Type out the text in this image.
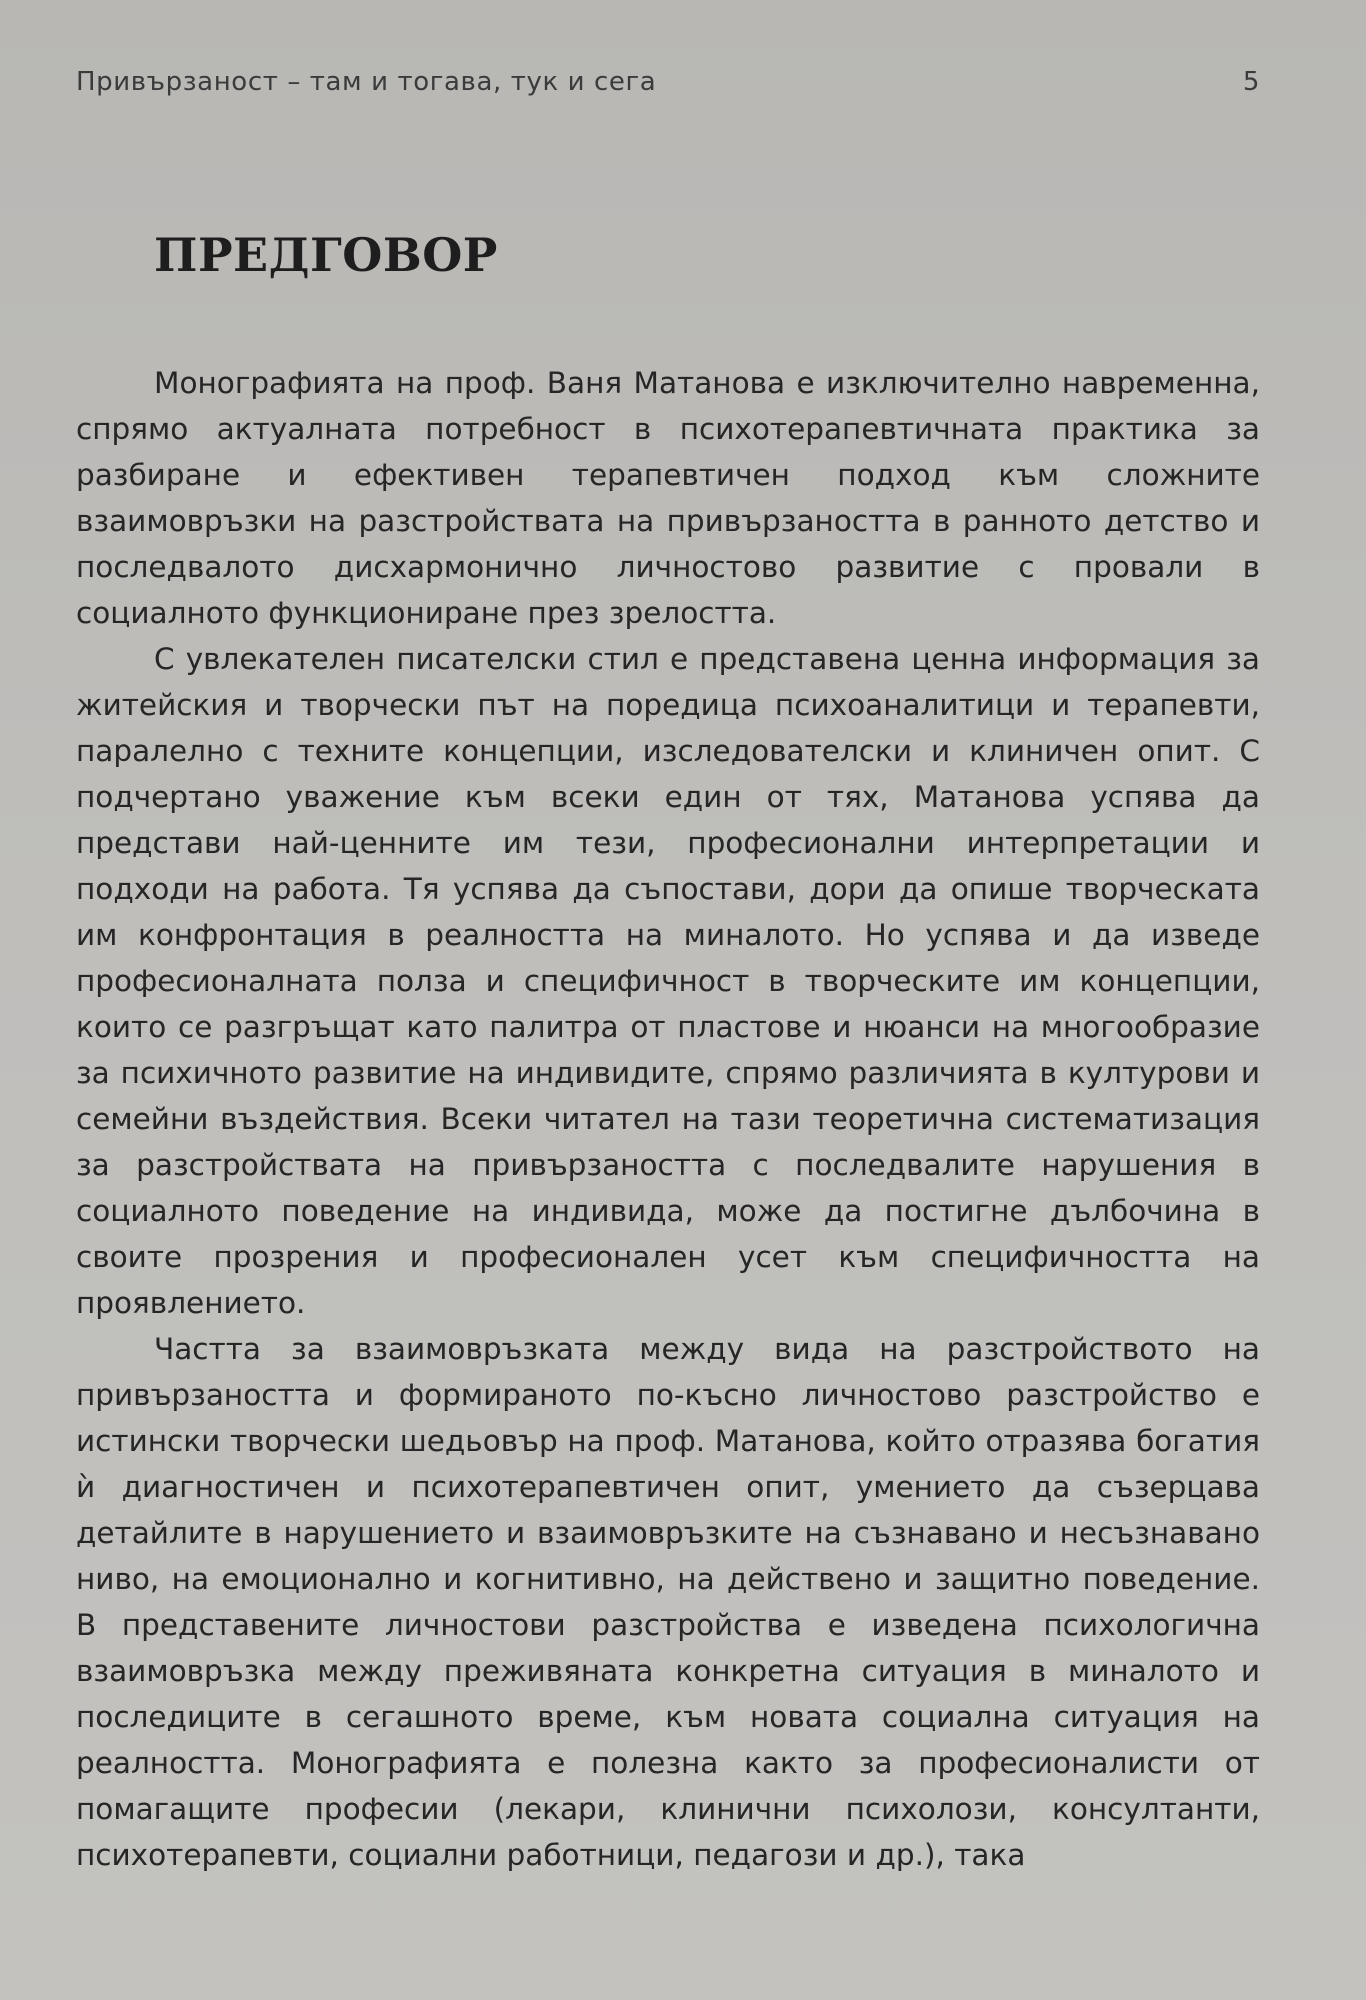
Привързаност – там и тогава, тук и сега	5
ПРЕДГОВОР

Монографията на проф. Ваня Матанова е изключително навременна, спрямо актуалната потребност в психотерапевтичната практика за разбиране и ефективен терапевтичен подход към сложните взаимовръзки на разстройствата на привързаността в ранното детство и последвалото дисхармонично личностово развитие с провали в социалното функциониране през зрелостта.

С увлекателен писателски стил е представена ценна информация за житейския и творчески път на поредица психоаналитици и терапевти, паралелно с техните концепции, изследователски и клиничен опит. С подчертано уважение към всеки един от тях, Матанова успява да представи най-ценните им тези, професионални интерпретации и подходи на работа. Тя успява да съпостави, дори да опише творческата им конфронтация в реалността на миналото. Но успява и да изведе професионалната полза и специфичност в творческите им концепции, които се разгръщат като палитра от пластове и нюанси на многообразие за психичното развитие на индивидите, спрямо различията в културови и семейни въздействия. Всеки читател на тази теоретична систематизация за разстройствата на привързаността с последвалите нарушения в социалното поведение на индивида, може да постигне дълбочина в своите прозрения и професионален усет към специфичността на проявлението.

Частта за взаимовръзката между вида на разстройството на привързаността и формираното по-късно личностово разстройство е истински творчески шедьовър на проф. Матанова, който отразява богатия ѝ диагностичен и психотерапевтичен опит, умението да съзерцава детайлите в нарушението и взаимовръзките на съзнавано и несъзнавано ниво, на емоционално и когнитивно, на действено и защитно поведение. В представените личностови разстройства е изведена психологична взаимовръзка между преживяната конкретна ситуация в миналото и последиците в сегашното време, към новата социална ситуация на реалността. Монографията е полезна както за професионалисти от помагащите професии (лекари, клинични психолози, консултанти, психотерапевти, социални работници, педагози и др.), така
